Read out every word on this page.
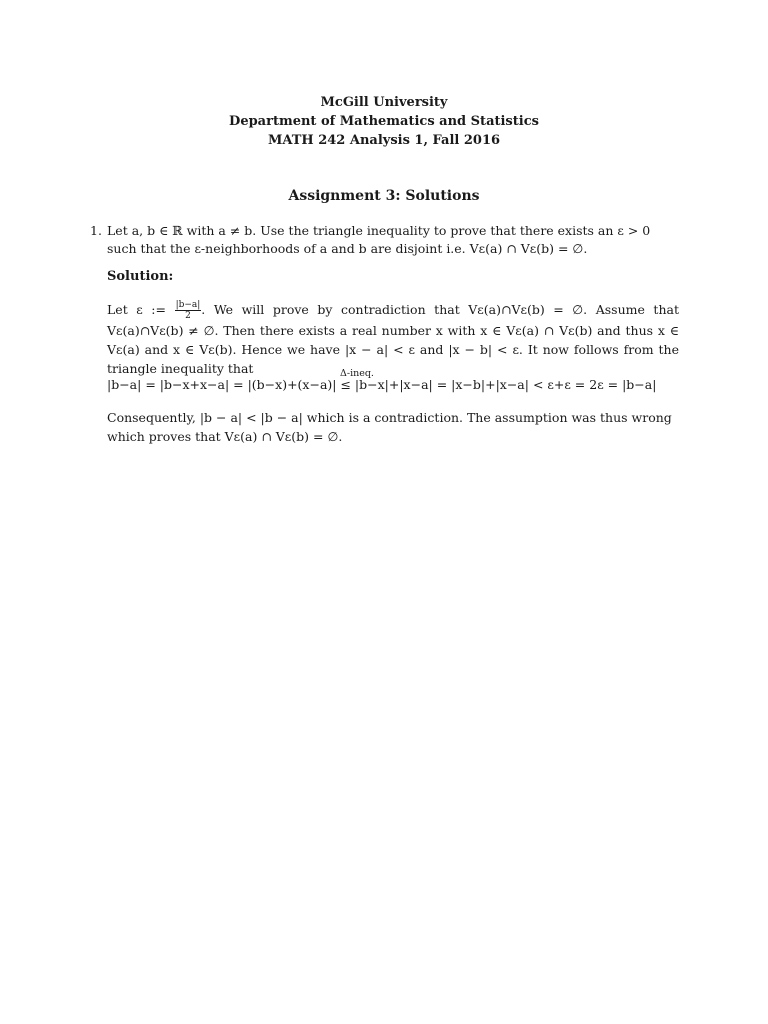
McGill University
Department of Mathematics and Statistics
MATH 242 Analysis 1, Fall 2016
Assignment 3: Solutions
1. Let a, b ∈ ℝ with a ≠ b. Use the triangle inequality to prove that there exists an ε > 0 such that the ε-neighborhoods of a and b are disjoint i.e. Vε(a) ∩ Vε(b) = ∅.
Solution:
Let ε := $\frac{|b-a|}{2}$ . We will prove by contradiction that Vε(a)∩Vε(b) = ∅. Assume that Vε(a)∩Vε(b) ≠ ∅. Then there exists a real number x with x ∈ Vε(a) ∩ Vε(b) and thus x ∈ Vε(a) and x ∈ Vε(b). Hence we have |x − a| < ε and |x − b| < ε. It now follows from the triangle inequality that	Δ-ineq.
|b−a| = |b−x+x−a| = |(b−x)+(x−a)| ≤ |b−x|+|x−a| = |x−b|+|x−a| < ε+ε = 2ε = |b−a|
Consequently, |b − a| < |b − a| which is a contradiction. The assumption was thus wrong which proves that Vε(a) ∩ Vε(b) = ∅.
